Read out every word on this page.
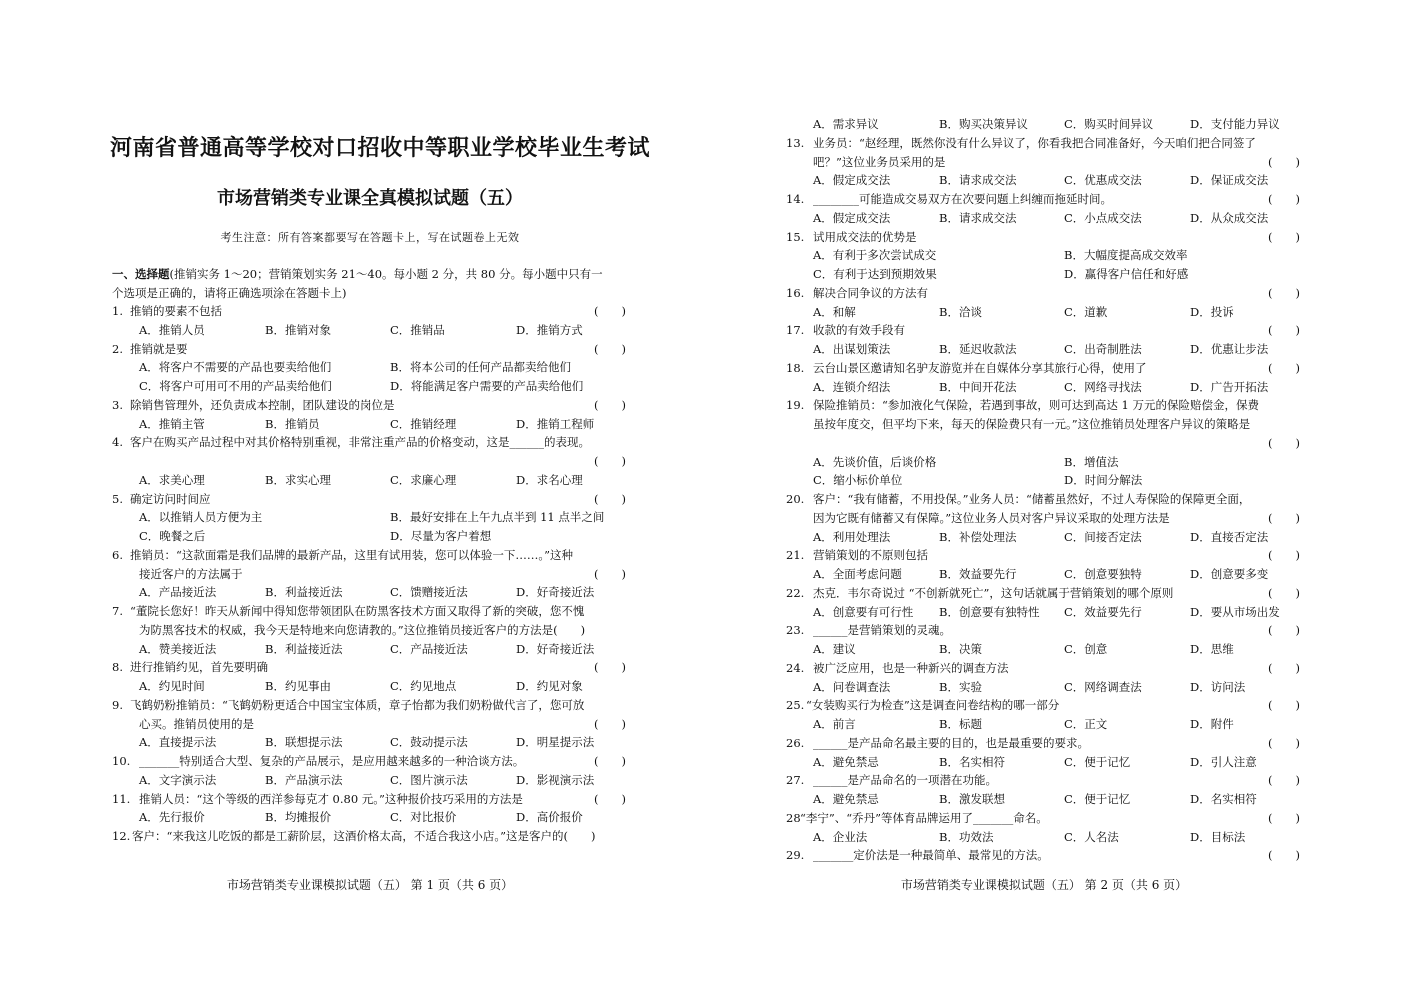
河南省普通高等学校对口招收中等职业学校毕业生考试
市场营销类专业课全真模拟试题（五）
考生注意：所有答案都要写在答题卡上，写在试题卷上无效
一、选择题(推销实务 1～20；营销策划实务 21～40。每小题 2 分，共 80 分。每小题中只有一
个选项是正确的，请将正确选项涂在答题卡上)
1. 推销的要素不包括	(　　)
A．推销人员	B．推销对象	C．推销品	D．推销方式
2. 推销就是要	(　　)
A．将客户不需要的产品也要卖给他们	B．将本公司的任何产品都卖给他们
C．将客户可用可不用的产品卖给他们	D．将能满足客户需要的产品卖给他们
3. 除销售管理外，还负责成本控制，团队建设的岗位是	(　　)
A．推销主管	B．推销员	C．推销经理	D．推销工程师
4. 客户在购买产品过程中对其价格特别重视，非常注重产品的价格变动，这是______的表现。
(　　)
A．求美心理	B．求实心理	C．求廉心理	D．求名心理
5. 确定访问时间应	(　　)
A．以推销人员方便为主	B．最好安排在上午九点半到 11 点半之间
C．晚餐之后	D．尽量为客户着想
6. 推销员：“这款面霜是我们品牌的最新产品，这里有试用装，您可以体验一下……。”这种
接近客户的方法属于	(　　)
A．产品接近法	B．利益接近法	C．馈赠接近法	D．好奇接近法
7. “董院长您好！昨天从新闻中得知您带领团队在防黑客技术方面又取得了新的突破，您不愧
为防黑客技术的权威，我今天是特地来向您请教的。”这位推销员接近客户的方法是(　　)
A．赞美接近法	B．利益接近法	C．产品接近法	D．好奇接近法
8. 进行推销约见，首先要明确	(　　)
A．约见时间	B．约见事由	C．约见地点	D．约见对象
9. 飞鹤奶粉推销员：“飞鹤奶粉更适合中国宝宝体质，章子怡都为我们奶粉做代言了，您可放
心买。推销员使用的是	(　　)
A．直接提示法	B．联想提示法	C．鼓动提示法	D．明星提示法
10. _______特别适合大型、复杂的产品展示，是应用越来越多的一种洽谈方法。	(　　)
A．文字演示法	B．产品演示法	C．图片演示法	D．影视演示法
11. 推销人员：“这个等级的西洋参每克才 0.80 元。”这种报价技巧采用的方法是	(　　)
A．先行报价	B．均摊报价	C．对比报价	D．高价报价
12. 客户：“来我这儿吃饭的都是工薪阶层，这酒价格太高，不适合我这小店。”这是客户的(　　)
市场营销类专业课模拟试题（五） 第 1 页（共 6 页）
A．需求异议	B．购买决策异议	C．购买时间异议	D．支付能力异议
13. 业务员：“赵经理，既然你没有什么异议了，你看我把合同准备好，今天咱们把合同签了
吧？”这位业务员采用的是	(　　)
A．假定成交法	B．请求成交法	C．优惠成交法	D．保证成交法
14. ________可能造成交易双方在次要问题上纠缠而拖延时间。	(　　)
A．假定成交法	B．请求成交法	C．小点成交法	D．从众成交法
15. 试用成交法的优势是	(　　)
A．有利于多次尝试成交	B．大幅度提高成交效率
C．有利于达到预期效果	D．赢得客户信任和好感
16. 解决合同争议的方法有	(　　)
A．和解	B．洽谈	C．道歉	D．投诉
17. 收款的有效手段有	(　　)
A．出谋划策法	B．延迟收款法	C．出奇制胜法	D．优惠让步法
18. 云台山景区邀请知名驴友游览并在自媒体分享其旅行心得，使用了	(　　)
A．连锁介绍法	B．中间开花法	C．网络寻找法	D．广告开拓法
19. 保险推销员：“参加液化气保险，若遇到事故，则可达到高达 1 万元的保险赔偿金，保费
虽按年度交，但平均下来，每天的保险费只有一元。”这位推销员处理客户异议的策略是
(　　)
A．先谈价值，后谈价格	B．增值法
C．缩小标价单位	D．时间分解法
20. 客户：“我有储蓄，不用投保。”业务人员：“储蓄虽然好，不过人寿保险的保障更全面，
因为它既有储蓄又有保障。”这位业务人员对客户异议采取的处理方法是	(　　)
A．利用处理法	B．补偿处理法	C．间接否定法	D．直接否定法
21. 营销策划的不原则包括	(　　)
A．全面考虑问题	B．效益要先行	C．创意要独特	D．创意要多变
22. 杰克．韦尔奇说过 “不创新就死亡”，这句话就属于营销策划的哪个原则	(　　)
A．创意要有可行性 B．创意要有独特性 C．效益要先行	D．要从市场出发
23. ______是营销策划的灵魂。	(　　)
A．建议	B．决策	C．创意	D．思维
24. 被广泛应用，也是一种新兴的调查方法	(　　)
A．问卷调查法	B．实验	C．网络调查法	D．访问法
25. “女装购买行为检查”这是调查问卷结构的哪一部分	(　　)
A．前言	B．标题	C．正文	D．附件
26. ______是产品命名最主要的目的，也是最重要的要求。	(　　)
A．避免禁忌	B．名实相符	C．便于记忆	D．引人注意
27. ______是产品命名的一项潜在功能。	(　　)
A．避免禁忌	B．激发联想	C．便于记忆	D．名实相符
28 “李宁”、“乔丹”等体育品牌运用了_______命名。	(　　)
A．企业法	B．功效法	C．人名法	D．目标法
29. _______定价法是一种最简单、最常见的方法。	(　　)
市场营销类专业课模拟试题（五） 第 2 页（共 6 页）
